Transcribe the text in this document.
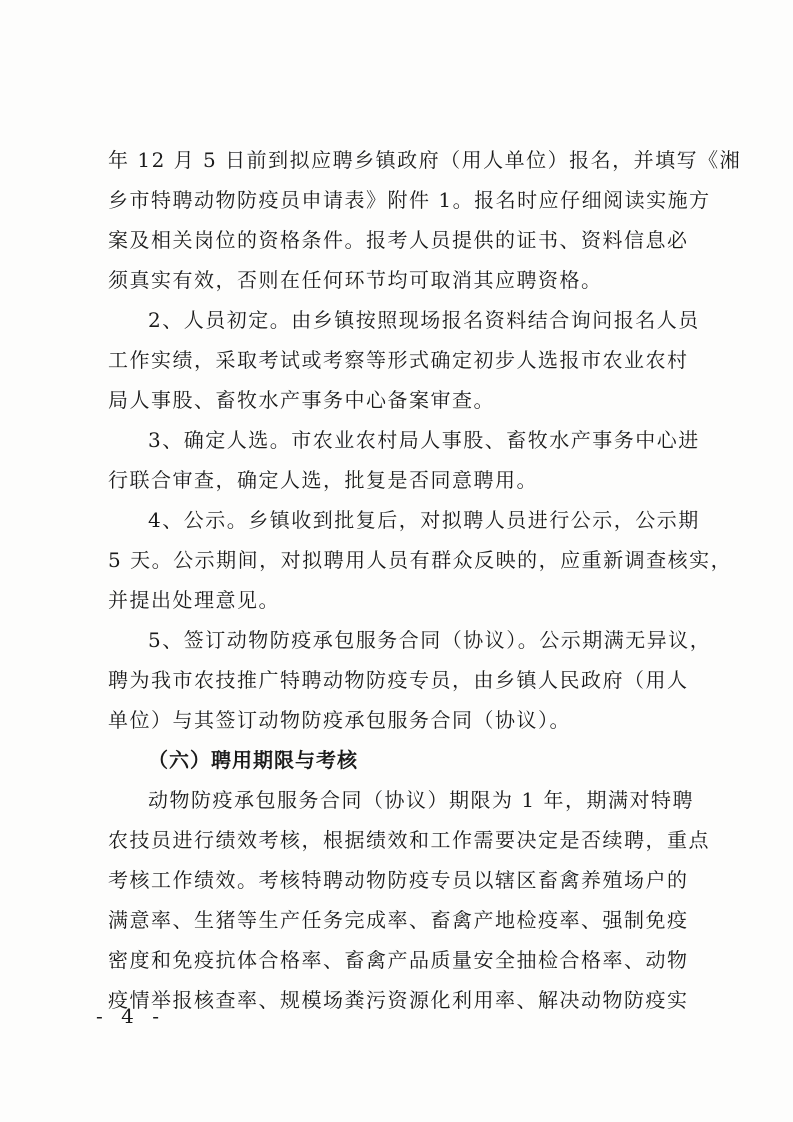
年 12 月 5 日前到拟应聘乡镇政府（用人单位）报名，并填写《湘
乡市特聘动物防疫员申请表》附件 1。报名时应仔细阅读实施方
案及相关岗位的资格条件。报考人员提供的证书、资料信息必
须真实有效，否则在任何环节均可取消其应聘资格。
2、人员初定。由乡镇按照现场报名资料结合询问报名人员
工作实绩，采取考试或考察等形式确定初步人选报市农业农村
局人事股、畜牧水产事务中心备案审查。
3、确定人选。市农业农村局人事股、畜牧水产事务中心进
行联合审查，确定人选，批复是否同意聘用。
4、公示。乡镇收到批复后，对拟聘人员进行公示，公示期
5 天。公示期间，对拟聘用人员有群众反映的，应重新调查核实，
并提出处理意见。
5、签订动物防疫承包服务合同（协议）。公示期满无异议，
聘为我市农技推广特聘动物防疫专员，由乡镇人民政府（用人
单位）与其签订动物防疫承包服务合同（协议）。
（六）聘用期限与考核
动物防疫承包服务合同（协议）期限为 1 年，期满对特聘
农技员进行绩效考核，根据绩效和工作需要决定是否续聘，重点
考核工作绩效。考核特聘动物防疫专员以辖区畜禽养殖场户的
满意率、生猪等生产任务完成率、畜禽产地检疫率、强制免疫
密度和免疫抗体合格率、畜禽产品质量安全抽检合格率、动物
疫情举报核查率、规模场粪污资源化利用率、解决动物防疫实
- 4 -
